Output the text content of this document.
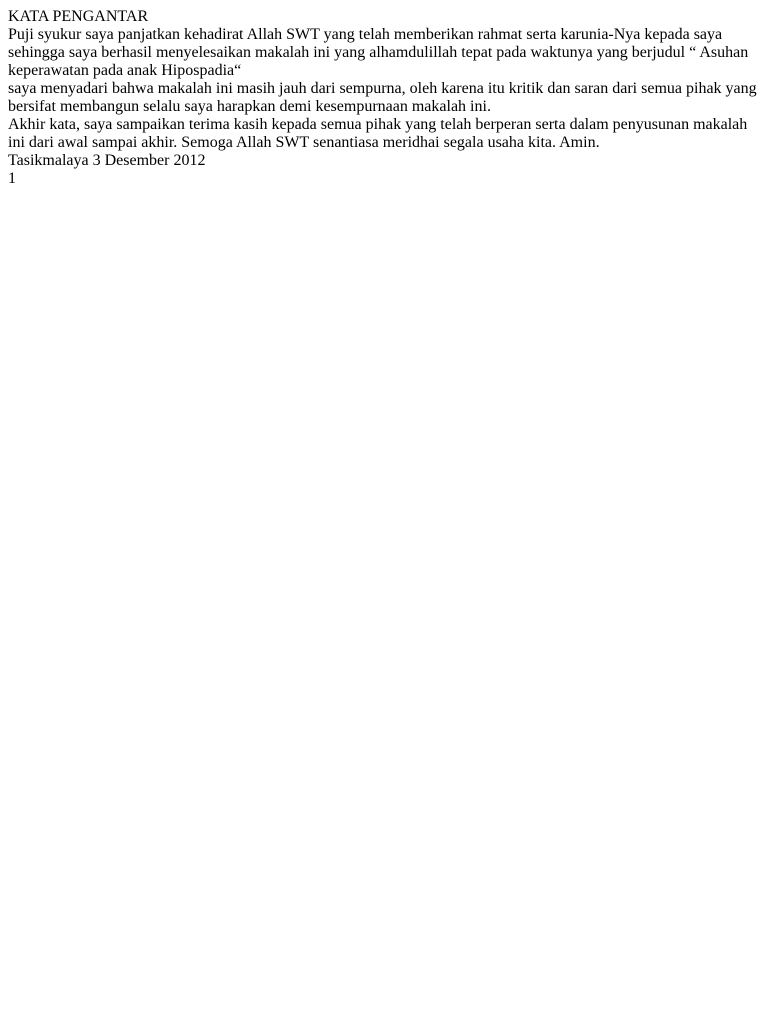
KATA PENGANTAR
Puji syukur saya panjatkan kehadirat Allah SWT yang telah memberikan rahmat serta karunia-Nya kepada saya sehingga saya berhasil menyelesaikan makalah ini yang alhamdulillah tepat pada waktunya yang berjudul “ Asuhan keperawatan pada anak Hipospadia“
saya menyadari bahwa makalah ini masih jauh dari sempurna, oleh karena itu kritik dan saran dari semua pihak yang bersifat membangun selalu saya harapkan demi kesempurnaan makalah ini.
Akhir kata, saya sampaikan terima kasih kepada semua pihak yang telah berperan serta dalam penyusunan makalah ini dari awal sampai akhir. Semoga Allah SWT senantiasa meridhai segala usaha kita. Amin.
Tasikmalaya 3 Desember 2012
1
